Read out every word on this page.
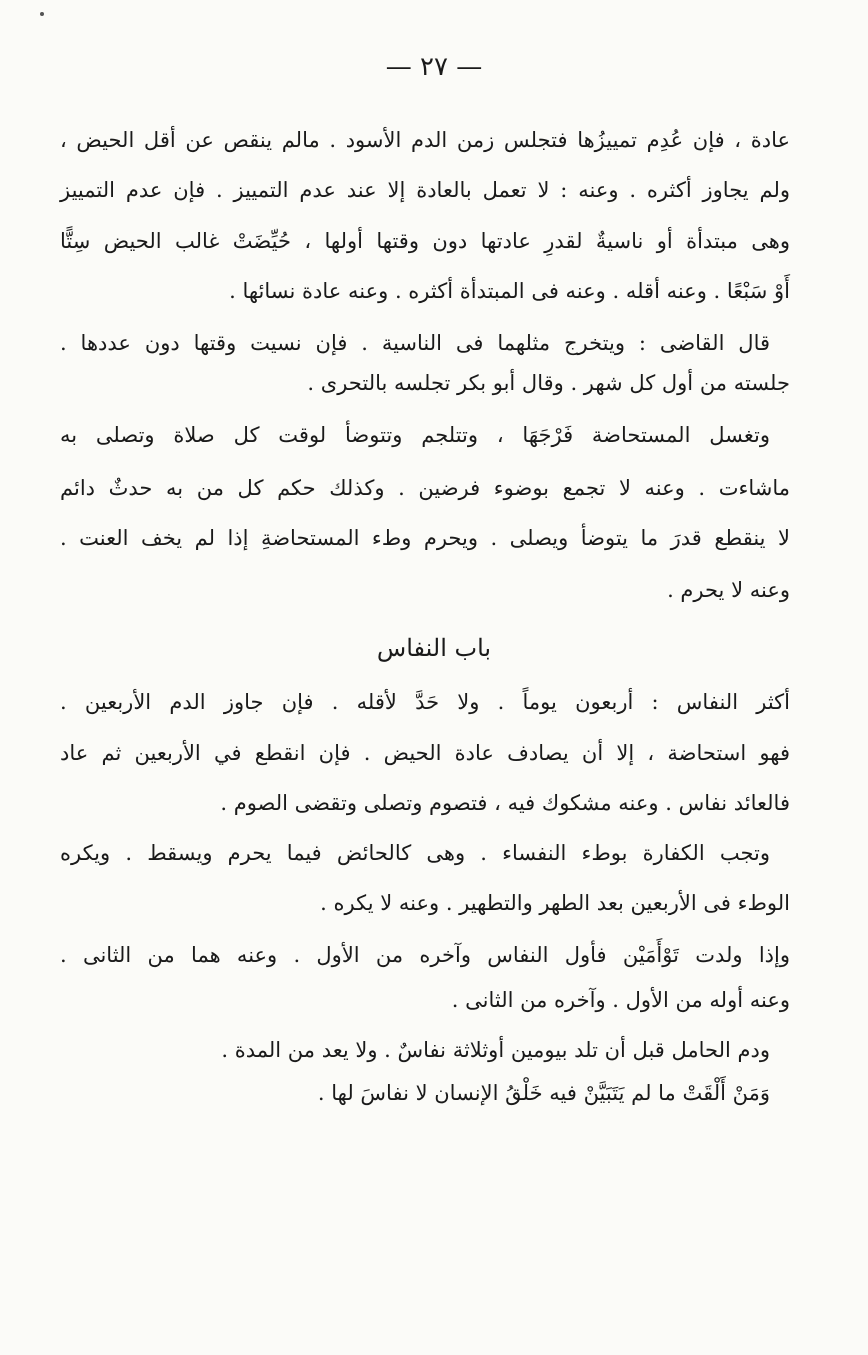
— ٢٧ —
عادة ، فإن عُدِم تمييزُها فتجلس زمن الدم الأسود . مالم ينقص عن أقل الحيض ،
ولم يجاوز أكثره . وعنه : لا تعمل بالعادة إلا عند عدم التمييز . فإن عدم التمييز
وهى مبتدأة أو ناسيةٌ لقدرِ عادتها دون وقتها أولها ، حُيِّضَتْ غالب الحيض سِتًّا
أَوْ سَبْعًا . وعنه أقله . وعنه فى المبتدأة أكثره . وعنه عادة نسائها .
قال القاضى : ويتخرج مثلهما فى الناسية . فإن نسيت وقتها دون عددها .
جلسته من أول كل شهر . وقال أبو بكر تجلسه بالتحرى .
وتغسل المستحاضة فَرْجَهَا ، وتتلجم وتتوضأ لوقت كل صلاة وتصلى به
ماشاءت . وعنه لا تجمع بوضوء فرضين . وكذلك حكم كل من به حدثٌ دائم
لا ينقطع قدرَ ما يتوضأ ويصلى . ويحرم وطء المستحاضةِ إذا لم يخف العنت .
وعنه لا يحرم .
باب النفاس
أكثر النفاس : أربعون يوماً . ولا حَدَّ لأقله . فإن جاوز الدم الأربعين .
فهو استحاضة ، إلا أن يصادف عادة الحيض . فإن انقطع في الأربعين ثم عاد
فالعائد نفاس . وعنه مشكوك فيه ، فتصوم وتصلى وتقضى الصوم .
وتجب الكفارة بوطء النفساء . وهى كالحائض فيما يحرم ويسقط . ويكره
الوطء فى الأربعين بعد الطهر والتطهير . وعنه لا يكره .
وإذا ولدت تَوْأَمَيْن فأول النفاس وآخره من الأول . وعنه هما من الثانى .
وعنه أوله من الأول . وآخره من الثانى .
ودم الحامل قبل أن تلد بيومين أوثلاثة نفاسٌ . ولا يعد من المدة .
وَمَنْ أَلْقَتْ ما لم يَتَبَيَّنْ فيه خَلْقُ الإنسان لا نفاسَ لها .
